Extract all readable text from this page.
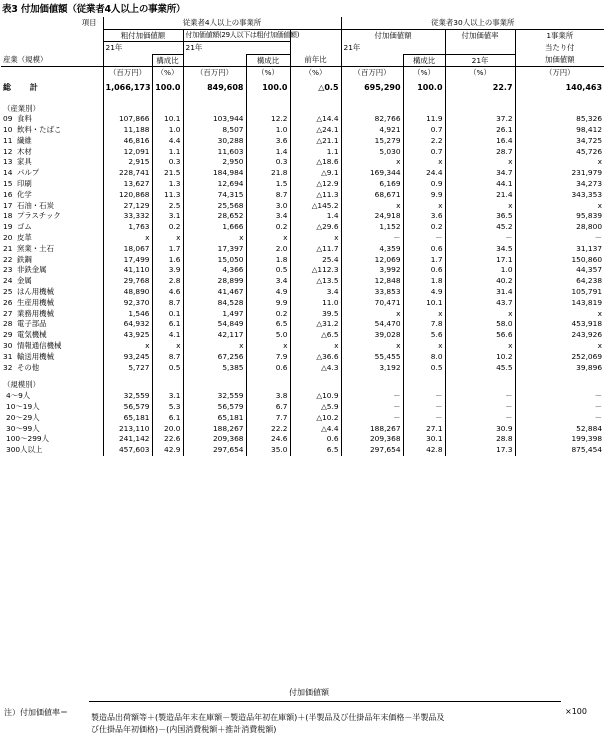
表3 付加価値額（従業者4人以上の事業所）
項目	従業者4人以上の事業所					従業者30人以上の事業所			
	粗付加価値額		付加価値額(29人以下は粗付加価値額)			付加価値額		付加価値率	1事業所
	21年		21年			21年			当たり付
産業（規模）		構成比		構成比	前年比		構成比	21年	加価値額
	（百万円）	（%）	（百万円）	（%）	（%）	（百万円）	（%）	（%）	（万円）
総 計	1,066,173	100.0	849,608	100.0	△0.5	695,290	100.0	22.7	140,463

（産業別）									
09 食料	107,866	10.1	103,944	12.2	△14.4	82,766	11.9	37.2	85,326
10 飲料・たばこ	11,188	1.0	8,507	1.0	△24.1	4,921	0.7	26.1	98,412
11 繊維	46,816	4.4	30,288	3.6	△21.1	15,279	2.2	16.4	34,725
12 木材	12,091	1.1	11,603	1.4	1.1	5,030	0.7	28.7	45,726
13 家具	2,915	0.3	2,950	0.3	△18.6	x	x	x	x
14 パルプ	228,741	21.5	184,984	21.8	△9.1	169,344	24.4	34.7	231,979
15 印刷	13,627	1.3	12,694	1.5	△12.9	6,169	0.9	44.1	34,273
16 化学	120,868	11.3	74,315	8.7	△11.3	68,671	9.9	21.4	343,353
17 石油・石炭	27,129	2.5	25,568	3.0	△145.2	x	x	x	x
18 プラスチック	33,332	3.1	28,652	3.4	1.4	24,918	3.6	36.5	95,839
19 ゴム	1,763	0.2	1,666	0.2	△29.6	1,152	0.2	45.2	28,800
20 皮革	x	x	x	x	x	－	－	－	－
21 窯業・土石	18,067	1.7	17,397	2.0	△11.7	4,359	0.6	34.5	31,137
22 鉄鋼	17,499	1.6	15,050	1.8	25.4	12,069	1.7	17.1	150,860
23 非鉄金属	41,110	3.9	4,366	0.5	△112.3	3,992	0.6	1.0	44,357
24 金属	29,768	2.8	28,899	3.4	△13.5	12,848	1.8	40.2	64,238
25 はん用機械	48,890	4.6	41,467	4.9	3.4	33,853	4.9	31.4	105,791
26 生産用機械	92,370	8.7	84,528	9.9	11.0	70,471	10.1	43.7	143,819
27 業務用機械	1,546	0.1	1,497	0.2	39.5	x	x	x	x
28 電子部品	64,932	6.1	54,849	6.5	△31.2	54,470	7.8	58.0	453,918
29 電気機械	43,925	4.1	42,117	5.0	△6.5	39,028	5.6	56.6	243,926
30 情報通信機械	x	x	x	x	x	x	x	x	x
31 輸送用機械	93,245	8.7	67,256	7.9	△36.6	55,455	8.0	10.2	252,069
32 その他	5,727	0.5	5,385	0.6	△4.3	3,192	0.5	45.5	39,896

（規模別）									
4～9人	32,559	3.1	32,559	3.8	△10.9	－	－	－	－
10～19人	56,579	5.3	56,579	6.7	△5.9	－	－	－	－
20～29人	65,181	6.1	65,181	7.7	△10.2	－	－	－	－
30～99人	213,110	20.0	188,267	22.2	△4.4	188,267	27.1	30.9	52,884
100～299人	241,142	22.6	209,368	24.6	0.6	209,368	30.1	28.8	199,398
300人以上	457,603	42.9	297,654	35.0	6.5	297,654	42.8	17.3	875,454
注）付加価値率＝
付加価値額
製造品出荷額等＋(製造品年末在庫額－製造品年初在庫額)＋(半製品及び仕掛品年末価格－半製品及
び仕掛品年初価格)－(内国消費税額＋推計消費税額)
×100
